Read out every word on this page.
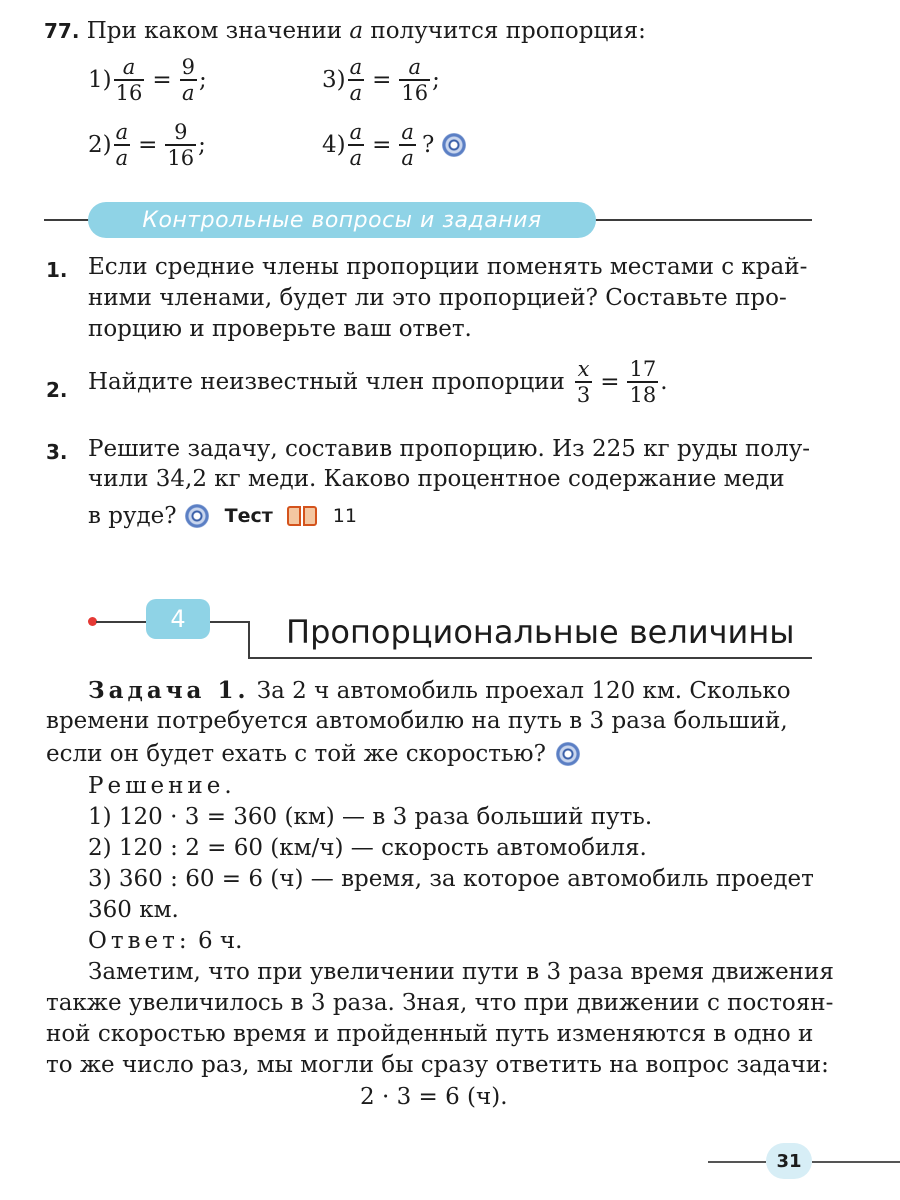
77. При каком значении a получится пропорция:
$1) \frac{a}{16} = \frac{9}{a}$ ;
$2) \frac{a}{a} = \frac{9}{16}$ ;
$3) \frac{a}{a} = \frac{a}{16}$ ;
$4) \frac{a}{a} = \frac{a}{a}$ ?
Контрольные вопросы и задания
1. Если средние члены пропорции поменять местами с край-
ними членами, будет ли это пропорцией? Составьте про-
порцию и проверьте ваш ответ.
2. Найдите неизвестный член пропорции $\frac{x}{3} = \frac{17}{18}$ .
3. Решите задачу, составив пропорцию. Из 225 кг руды полу-
чили 34,2 кг меди. Каково процентное содержание меди
в руде?	Тест	11
4	Пропорциональные величины
Задача 1. За 2 ч автомобиль проехал 120 км. Сколько
времени потребуется автомобилю на путь в 3 раза больший,
если он будет ехать с той же скоростью?
Решение.
1) 120 · 3 = 360 (км) — в 3 раза больший путь.
2) 120 : 2 = 60 (км/ч) — скорость автомобиля.
3) 360 : 60 = 6 (ч) — время, за которое автомобиль проедет
360 км.
Ответ: 6 ч.
Заметим, что при увеличении пути в 3 раза время движения
также увеличилось в 3 раза. Зная, что при движении с постоян-
ной скоростью время и пройденный путь изменяются в одно и
то же число раз, мы могли бы сразу ответить на вопрос задачи:
2 · 3 = 6 (ч).
31
